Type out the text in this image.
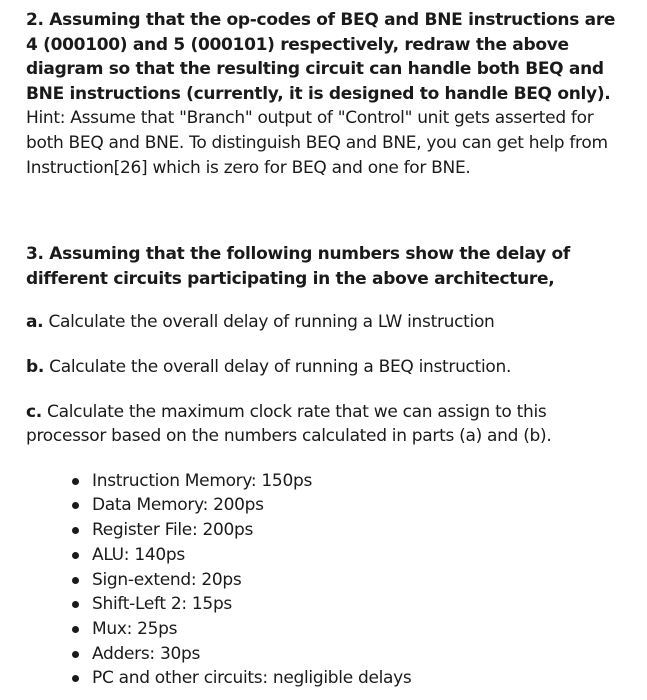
2. Assuming that the op-codes of BEQ and BNE instructions are 4 (000100) and 5 (000101) respectively, redraw the above diagram so that the resulting circuit can handle both BEQ and BNE instructions (currently, it is designed to handle BEQ only). Hint: Assume that "Branch" output of "Control" unit gets asserted for both BEQ and BNE. To distinguish BEQ and BNE, you can get help from Instruction[26] which is zero for BEQ and one for BNE.

3. Assuming that the following numbers show the delay of different circuits participating in the above architecture,

a. Calculate the overall delay of running a LW instruction

b. Calculate the overall delay of running a BEQ instruction.

c. Calculate the maximum clock rate that we can assign to this processor based on the numbers calculated in parts (a) and (b).

Instruction Memory: 150ps
Data Memory: 200ps
Register File: 200ps
ALU: 140ps
Sign-extend: 20ps
Shift-Left 2: 15ps
Mux: 25ps
Adders: 30ps
PC and other circuits: negligible delays
